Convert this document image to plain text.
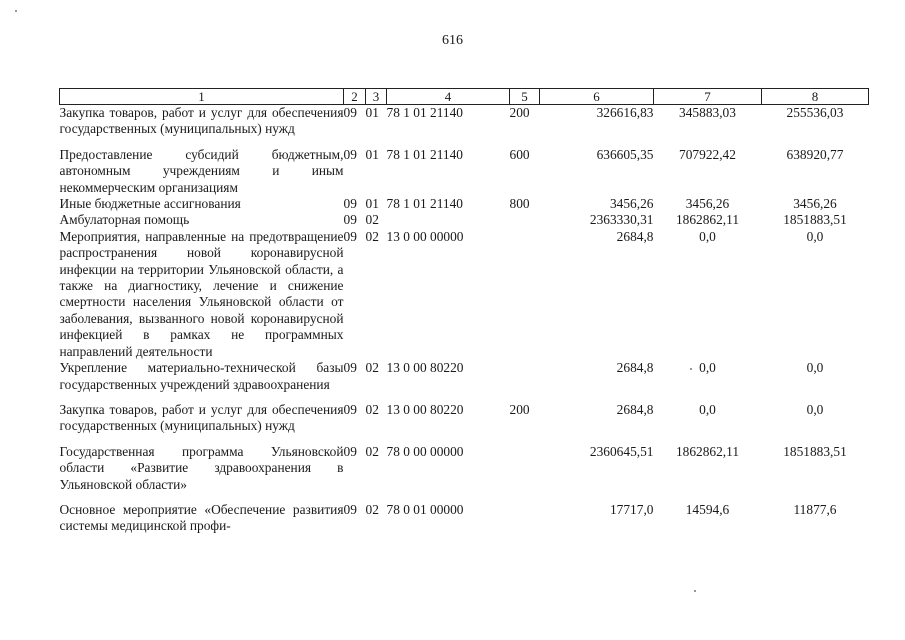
616
1	2	3	4	5	6	7	8
Закупка товаров, работ и услуг для обеспечения государственных (муниципальных) нужд	09	01	78 1 01 21140	200	326616,83	345883,03	255536,03

Предоставление субсидий бюджетным, автономным учреждениям и иным некоммерческим организациям	09	01	78 1 01 21140	600	636605,35	707922,42	638920,77
Иные бюджетные ассигнования	09	01	78 1 01 21140	800	3456,26	3456,26	3456,26
Амбулаторная помощь	09	02			2363330,31	1862862,11	1851883,51
Мероприятия, направленные на предотвращение распространения новой коронавирусной инфекции на территории Ульяновской области, а также на диагностику, лечение и снижение смертности населения Ульяновской области от заболевания, вызванного новой коронавирусной инфекцией в рамках не программных направлений деятельности	09	02	13 0 00 00000		2684,8	0,0	0,0
Укрепление материально-технической базы государственных учреждений здравоохранения	09	02	13 0 00 80220		2684,8	0,0	0,0

Закупка товаров, работ и услуг для обеспечения государственных (муниципальных) нужд	09	02	13 0 00 80220	200	2684,8	0,0	0,0

Государственная программа Ульяновской области «Развитие здравоохранения в Ульяновской области»	09	02	78 0 00 00000		2360645,51	1862862,11	1851883,51

Основное мероприятие «Обеспечение развития системы медицинской профи-	09	02	78 0 01 00000		17717,0	14594,6	11877,6
